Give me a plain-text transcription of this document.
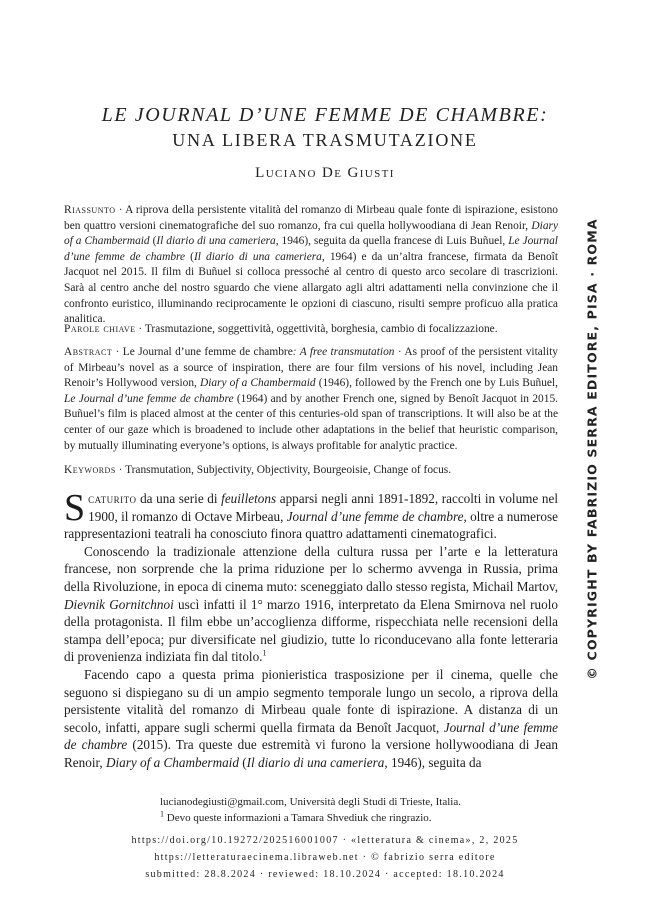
LE JOURNAL D’UNE FEMME DE CHAMBRE:
UNA LIBERA TRASMUTAZIONE
Luciano De Giusti
Riassunto · A riprova della persistente vitalità del romanzo di Mirbeau quale fonte di ispirazione, esistono ben quattro versioni cinematografiche del suo romanzo, fra cui quella hollywoodiana di Jean Renoir, Diary of a Chambermaid (Il diario di una cameriera, 1946), seguita da quella francese di Luis Buñuel, Le Journal d’une femme de chambre (Il diario di una cameriera, 1964) e da un’altra francese, firmata da Benoît Jacquot nel 2015. Il film di Buñuel si colloca pressoché al centro di questo arco secolare di trascrizioni. Sarà al centro anche del nostro sguardo che viene allargato agli altri adattamenti nella convinzione che il confronto euristico, illuminando reciprocamente le opzioni di ciascuno, risulti sempre proficuo alla pratica analitica.
Parole chiave · Trasmutazione, soggettività, oggettività, borghesia, cambio di focalizzazione.
Abstract · Le Journal d’une femme de chambre: A free transmutation · As proof of the persistent vitality of Mirbeau’s novel as a source of inspiration, there are four film versions of his novel, including Jean Renoir’s Hollywood version, Diary of a Chambermaid (1946), followed by the French one by Luis Buñuel, Le Journal d’une femme de chambre (1964) and by another French one, signed by Benoît Jacquot in 2015. Buñuel’s film is placed almost at the center of this centuries-old span of transcriptions. It will also be at the center of our gaze which is broadened to include other adaptations in the belief that heuristic comparison, by mutually illuminating everyone’s options, is always profitable for analytic practice.
Keywords · Transmutation, Subjectivity, Objectivity, Bourgeoisie, Change of focus.

Scaturito da una serie di feuilletons apparsi negli anni 1891-1892, raccolti in volume nel 1900, il romanzo di Octave Mirbeau, Journal d’une femme de chambre, oltre a numerose rappresentazioni teatrali ha conosciuto finora quattro adattamenti cinematografici.

Conoscendo la tradizionale attenzione della cultura russa per l’arte e la letteratura francese, non sorprende che la prima riduzione per lo schermo avvenga in Russia, prima della Rivoluzione, in epoca di cinema muto: sceneggiato dallo stesso regista, Michail Martov, Dievnik Gornitchnoi uscì infatti il 1° marzo 1916, interpretato da Elena Smirnova nel ruolo della protagonista. Il film ebbe un’accoglienza difforme, rispecchiata nelle recensioni della stampa dell’epoca; pur diversificate nel giudizio, tutte lo riconducevano alla fonte letteraria di provenienza indiziata fin dal titolo.$^1$

Facendo capo a questa prima pionieristica trasposizione per il cinema, quelle che seguono si dispiegano su di un ampio segmento temporale lungo un secolo, a riprova della persistente vitalità del romanzo di Mirbeau quale fonte di ispirazione. A distanza di un secolo, infatti, appare sugli schermi quella firmata da Benoît Jacquot, Journal d’une femme de chambre (2015). Tra queste due estremità vi furono la versione hollywoodiana di Jean Renoir, Diary of a Chambermaid (Il diario di una cameriera, 1946), seguita da

lucianodegiusti@gmail.com, Università degli Studi di Trieste, Italia.
$^1$ Devo queste informazioni a Tamara Shvediuk che ringrazio.
https://doi.org/10.19272/202516001007 · «letteratura & cinema», 2, 2025
https://letteraturaecinema.libraweb.net · © fabrizio serra editore
submitted: 28.8.2024 · reviewed: 18.10.2024 · accepted: 18.10.2024
© COPYRIGHT BY FABRIZIO SERRA EDITORE, PISA · ROMA
